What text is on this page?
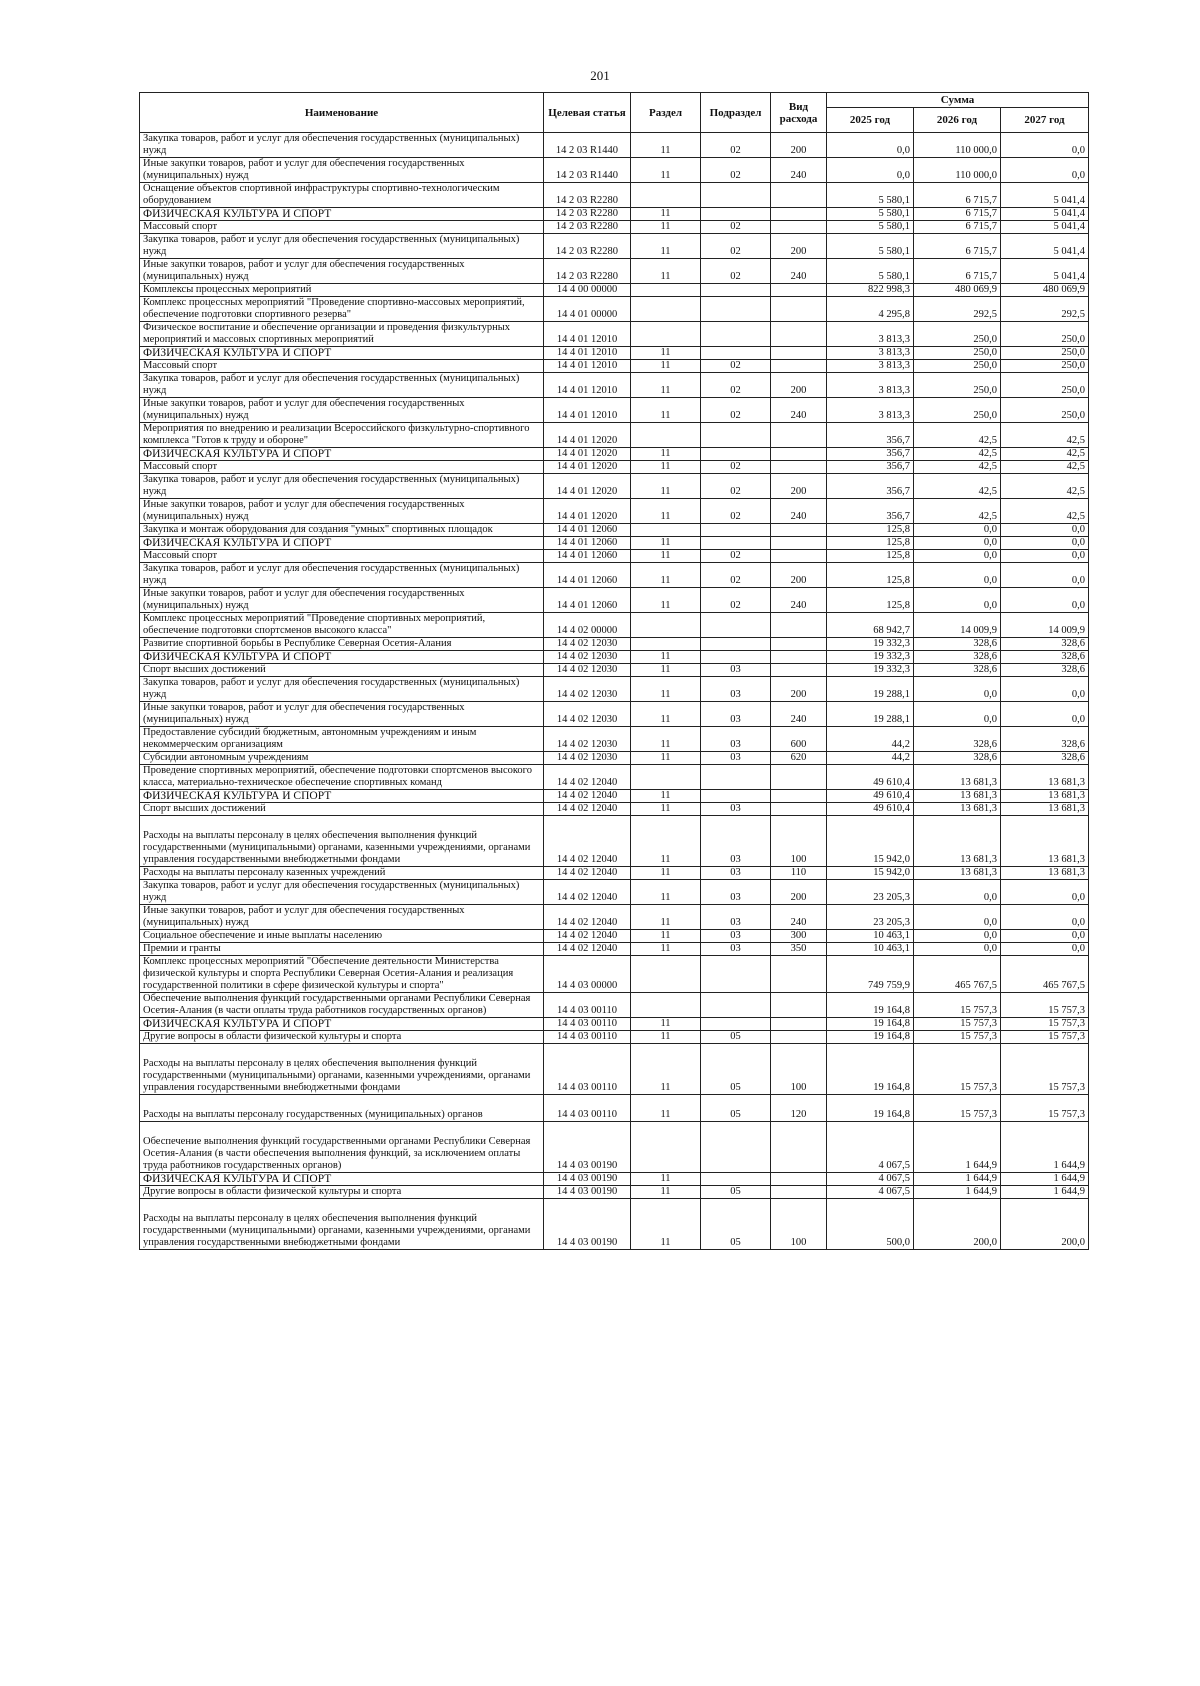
201
Наименование	Целевая статья	Раздел	Подраздел	Вид расхода	Сумма		
					2025 год	2026 год	2027 год
Закупка товаров, работ и услуг для обеспечения государственных (муниципальных) нужд	14 2 03 R1440	11	02	200	0,0	110 000,0	0,0
Иные закупки товаров, работ и услуг для обеспечения государственных (муниципальных) нужд	14 2 03 R1440	11	02	240	0,0	110 000,0	0,0
Оснащение объектов спортивной инфраструктуры спортивно-технологическим оборудованием	14 2 03 R2280				5 580,1	6 715,7	5 041,4
ФИЗИЧЕСКАЯ КУЛЬТУРА И СПОРТ	14 2 03 R2280	11			5 580,1	6 715,7	5 041,4
Массовый спорт	14 2 03 R2280	11	02		5 580,1	6 715,7	5 041,4
Закупка товаров, работ и услуг для обеспечения государственных (муниципальных) нужд	14 2 03 R2280	11	02	200	5 580,1	6 715,7	5 041,4
Иные закупки товаров, работ и услуг для обеспечения государственных (муниципальных) нужд	14 2 03 R2280	11	02	240	5 580,1	6 715,7	5 041,4
Комплексы процессных мероприятий	14 4 00 00000				822 998,3	480 069,9	480 069,9
Комплекс процессных мероприятий "Проведение спортивно-массовых мероприятий, обеспечение подготовки спортивного резерва"	14 4 01 00000				4 295,8	292,5	292,5
Физическое воспитание и обеспечение организации и проведения физкультурных мероприятий и массовых спортивных мероприятий	14 4 01 12010				3 813,3	250,0	250,0
ФИЗИЧЕСКАЯ КУЛЬТУРА И СПОРТ	14 4 01 12010	11			3 813,3	250,0	250,0
Массовый спорт	14 4 01 12010	11	02		3 813,3	250,0	250,0
Закупка товаров, работ и услуг для обеспечения государственных (муниципальных) нужд	14 4 01 12010	11	02	200	3 813,3	250,0	250,0
Иные закупки товаров, работ и услуг для обеспечения государственных (муниципальных) нужд	14 4 01 12010	11	02	240	3 813,3	250,0	250,0
Мероприятия по внедрению и реализации Всероссийского физкультурно-спортивного комплекса "Готов к труду и обороне"	14 4 01 12020				356,7	42,5	42,5
ФИЗИЧЕСКАЯ КУЛЬТУРА И СПОРТ	14 4 01 12020	11			356,7	42,5	42,5
Массовый спорт	14 4 01 12020	11	02		356,7	42,5	42,5
Закупка товаров, работ и услуг для обеспечения государственных (муниципальных) нужд	14 4 01 12020	11	02	200	356,7	42,5	42,5
Иные закупки товаров, работ и услуг для обеспечения государственных (муниципальных) нужд	14 4 01 12020	11	02	240	356,7	42,5	42,5
Закупка и монтаж оборудования для создания "умных" спортивных площадок	14 4 01 12060				125,8	0,0	0,0
ФИЗИЧЕСКАЯ КУЛЬТУРА И СПОРТ	14 4 01 12060	11			125,8	0,0	0,0
Массовый спорт	14 4 01 12060	11	02		125,8	0,0	0,0
Закупка товаров, работ и услуг для обеспечения государственных (муниципальных) нужд	14 4 01 12060	11	02	200	125,8	0,0	0,0
Иные закупки товаров, работ и услуг для обеспечения государственных (муниципальных) нужд	14 4 01 12060	11	02	240	125,8	0,0	0,0
Комплекс процессных мероприятий "Проведение спортивных мероприятий, обеспечение подготовки спортсменов высокого класса"	14 4 02 00000				68 942,7	14 009,9	14 009,9
Развитие спортивной борьбы в Республике Северная Осетия-Алания	14 4 02 12030				19 332,3	328,6	328,6
ФИЗИЧЕСКАЯ КУЛЬТУРА И СПОРТ	14 4 02 12030	11			19 332,3	328,6	328,6
Спорт высших достижений	14 4 02 12030	11	03		19 332,3	328,6	328,6
Закупка товаров, работ и услуг для обеспечения государственных (муниципальных) нужд	14 4 02 12030	11	03	200	19 288,1	0,0	0,0
Иные закупки товаров, работ и услуг для обеспечения государственных (муниципальных) нужд	14 4 02 12030	11	03	240	19 288,1	0,0	0,0
Предоставление субсидий бюджетным, автономным учреждениям и иным некоммерческим организациям	14 4 02 12030	11	03	600	44,2	328,6	328,6
Субсидии автономным учреждениям	14 4 02 12030	11	03	620	44,2	328,6	328,6
Проведение спортивных мероприятий, обеспечение подготовки спортсменов высокого класса, материально-техническое обеспечение спортивных команд	14 4 02 12040				49 610,4	13 681,3	13 681,3
ФИЗИЧЕСКАЯ КУЛЬТУРА И СПОРТ	14 4 02 12040	11			49 610,4	13 681,3	13 681,3
Спорт высших достижений	14 4 02 12040	11	03		49 610,4	13 681,3	13 681,3
Расходы на выплаты персоналу в целях обеспечения выполнения функций государственными (муниципальными) органами, казенными учреждениями, органами управления государственными внебюджетными фондами	14 4 02 12040	11	03	100	15 942,0	13 681,3	13 681,3
Расходы на выплаты персоналу казенных учреждений	14 4 02 12040	11	03	110	15 942,0	13 681,3	13 681,3
Закупка товаров, работ и услуг для обеспечения государственных (муниципальных) нужд	14 4 02 12040	11	03	200	23 205,3	0,0	0,0
Иные закупки товаров, работ и услуг для обеспечения государственных (муниципальных) нужд	14 4 02 12040	11	03	240	23 205,3	0,0	0,0
Социальное обеспечение и иные выплаты населению	14 4 02 12040	11	03	300	10 463,1	0,0	0,0
Премии и гранты	14 4 02 12040	11	03	350	10 463,1	0,0	0,0
Комплекс процессных мероприятий "Обеспечение деятельности Министерства физической культуры и спорта Республики Северная Осетия-Алания и реализация государственной политики в сфере физической культуры и спорта"	14 4 03 00000				749 759,9	465 767,5	465 767,5
Обеспечение выполнения функций государственными органами Республики Северная Осетия-Алания (в части оплаты труда работников государственных органов)	14 4 03 00110				19 164,8	15 757,3	15 757,3
ФИЗИЧЕСКАЯ КУЛЬТУРА И СПОРТ	14 4 03 00110	11			19 164,8	15 757,3	15 757,3
Другие вопросы в области физической культуры и спорта	14 4 03 00110	11	05		19 164,8	15 757,3	15 757,3
Расходы на выплаты персоналу в целях обеспечения выполнения функций государственными (муниципальными) органами, казенными учреждениями, органами управления государственными внебюджетными фондами	14 4 03 00110	11	05	100	19 164,8	15 757,3	15 757,3
Расходы на выплаты персоналу государственных (муниципальных) органов	14 4 03 00110	11	05	120	19 164,8	15 757,3	15 757,3
Обеспечение выполнения функций государственными органами Республики Северная Осетия-Алания (в части обеспечения выполнения функций, за исключением оплаты труда работников государственных органов)	14 4 03 00190				4 067,5	1 644,9	1 644,9
ФИЗИЧЕСКАЯ КУЛЬТУРА И СПОРТ	14 4 03 00190	11			4 067,5	1 644,9	1 644,9
Другие вопросы в области физической культуры и спорта	14 4 03 00190	11	05		4 067,5	1 644,9	1 644,9
Расходы на выплаты персоналу в целях обеспечения выполнения функций государственными (муниципальными) органами, казенными учреждениями, органами управления государственными внебюджетными фондами	14 4 03 00190	11	05	100	500,0	200,0	200,0
